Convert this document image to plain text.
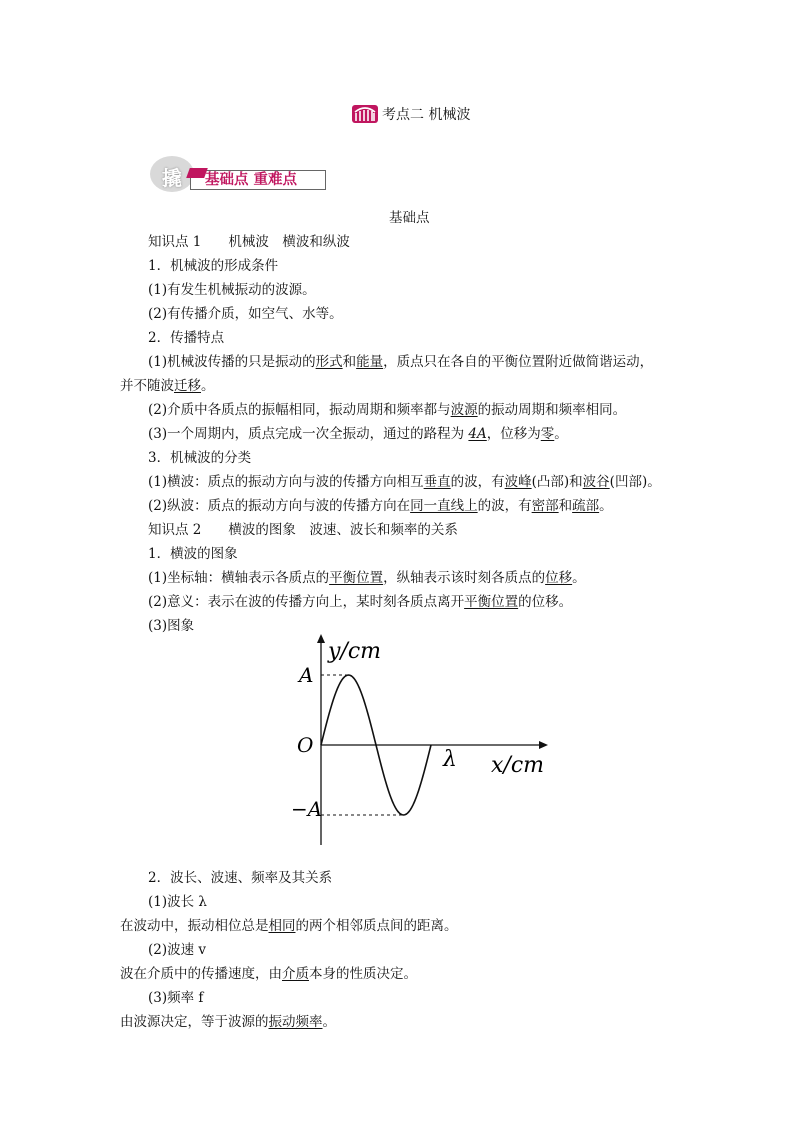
考点二 机械波
撬	基础点 重难点
基础点
知识点 1　　机械波　横波和纵波
1．机械波的形成条件
(1)有发生机械振动的波源。
(2)有传播介质，如空气、水等。
2．传播特点
(1)机械波传播的只是振动的形式和能量，质点只在各自的平衡位置附近做简谐运动，
并不随波迁移。
(2)介质中各质点的振幅相同，振动周期和频率都与波源的振动周期和频率相同。
(3)一个周期内，质点完成一次全振动，通过的路程为 4A，位移为零。
3．机械波的分类
(1)横波：质点的振动方向与波的传播方向相互垂直的波，有波峰(凸部)和波谷(凹部)。
(2)纵波：质点的振动方向与波的传播方向在同一直线上的波，有密部和疏部。
知识点 2　　横波的图象　波速、波长和频率的关系
1．横波的图象
(1)坐标轴：横轴表示各质点的平衡位置，纵轴表示该时刻各质点的位移。
(2)意义：表示在波的传播方向上，某时刻各质点离开平衡位置的位移。
(3)图象
y/cm
x/cm
O
A
−A
λ
2．波长、波速、频率及其关系
(1)波长 λ
在波动中，振动相位总是相同的两个相邻质点间的距离。
(2)波速 v
波在介质中的传播速度，由介质本身的性质决定。
(3)频率 f
由波源决定，等于波源的振动频率。
